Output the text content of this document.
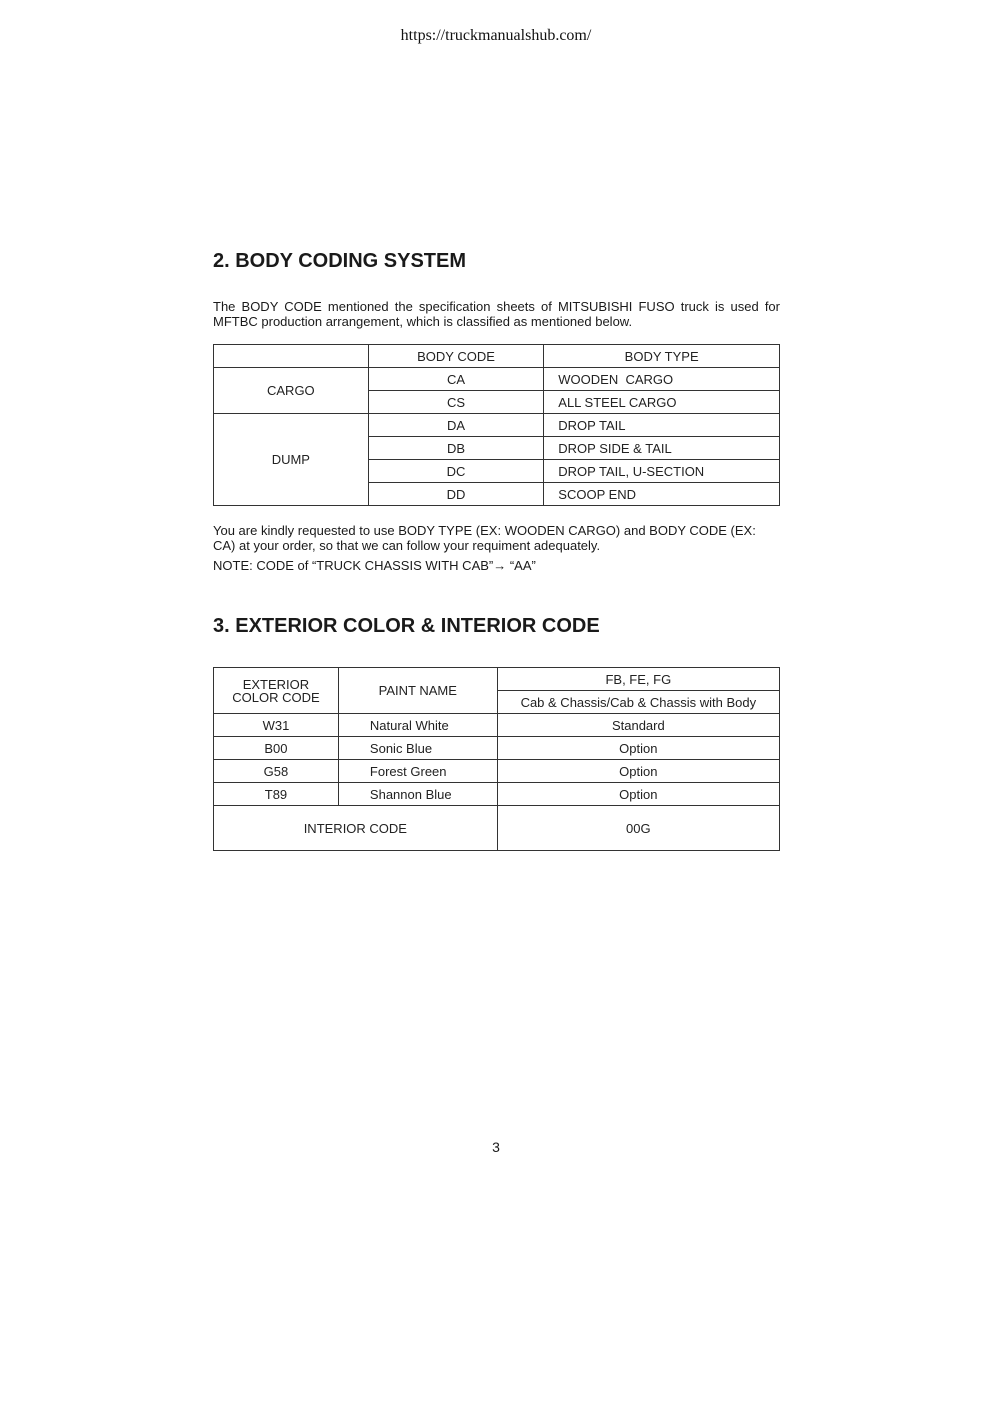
https://truckmanualshub.com/
2. BODY CODING SYSTEM

The BODY CODE mentioned the specification sheets of MITSUBISHI FUSO truck is used for MFTBC production arrangement, which is classified as mentioned below.

	BODY CODE	BODY TYPE
CARGO	CA	WOODEN  CARGO
	CS	ALL STEEL CARGO
DUMP	DA	DROP TAIL
	DB	DROP SIDE & TAIL
	DC	DROP TAIL, U-SECTION
	DD	SCOOP END

You are kindly requested to use BODY TYPE (EX: WOODEN CARGO) and BODY CODE (EX: CA) at your order, so that we can follow your requiment adequately.

NOTE: CODE of “TRUCK CHASSIS WITH CAB”→ “AA”

3. EXTERIOR COLOR & INTERIOR CODE
EXTERIOR COLOR CODE	PAINT NAME	FB, FE, FG
		Cab & Chassis/Cab & Chassis with Body
W31	Natural White	Standard
B00	Sonic Blue	Option
G58	Forest Green	Option
T89	Shannon Blue	Option
INTERIOR CODE		00G
3
